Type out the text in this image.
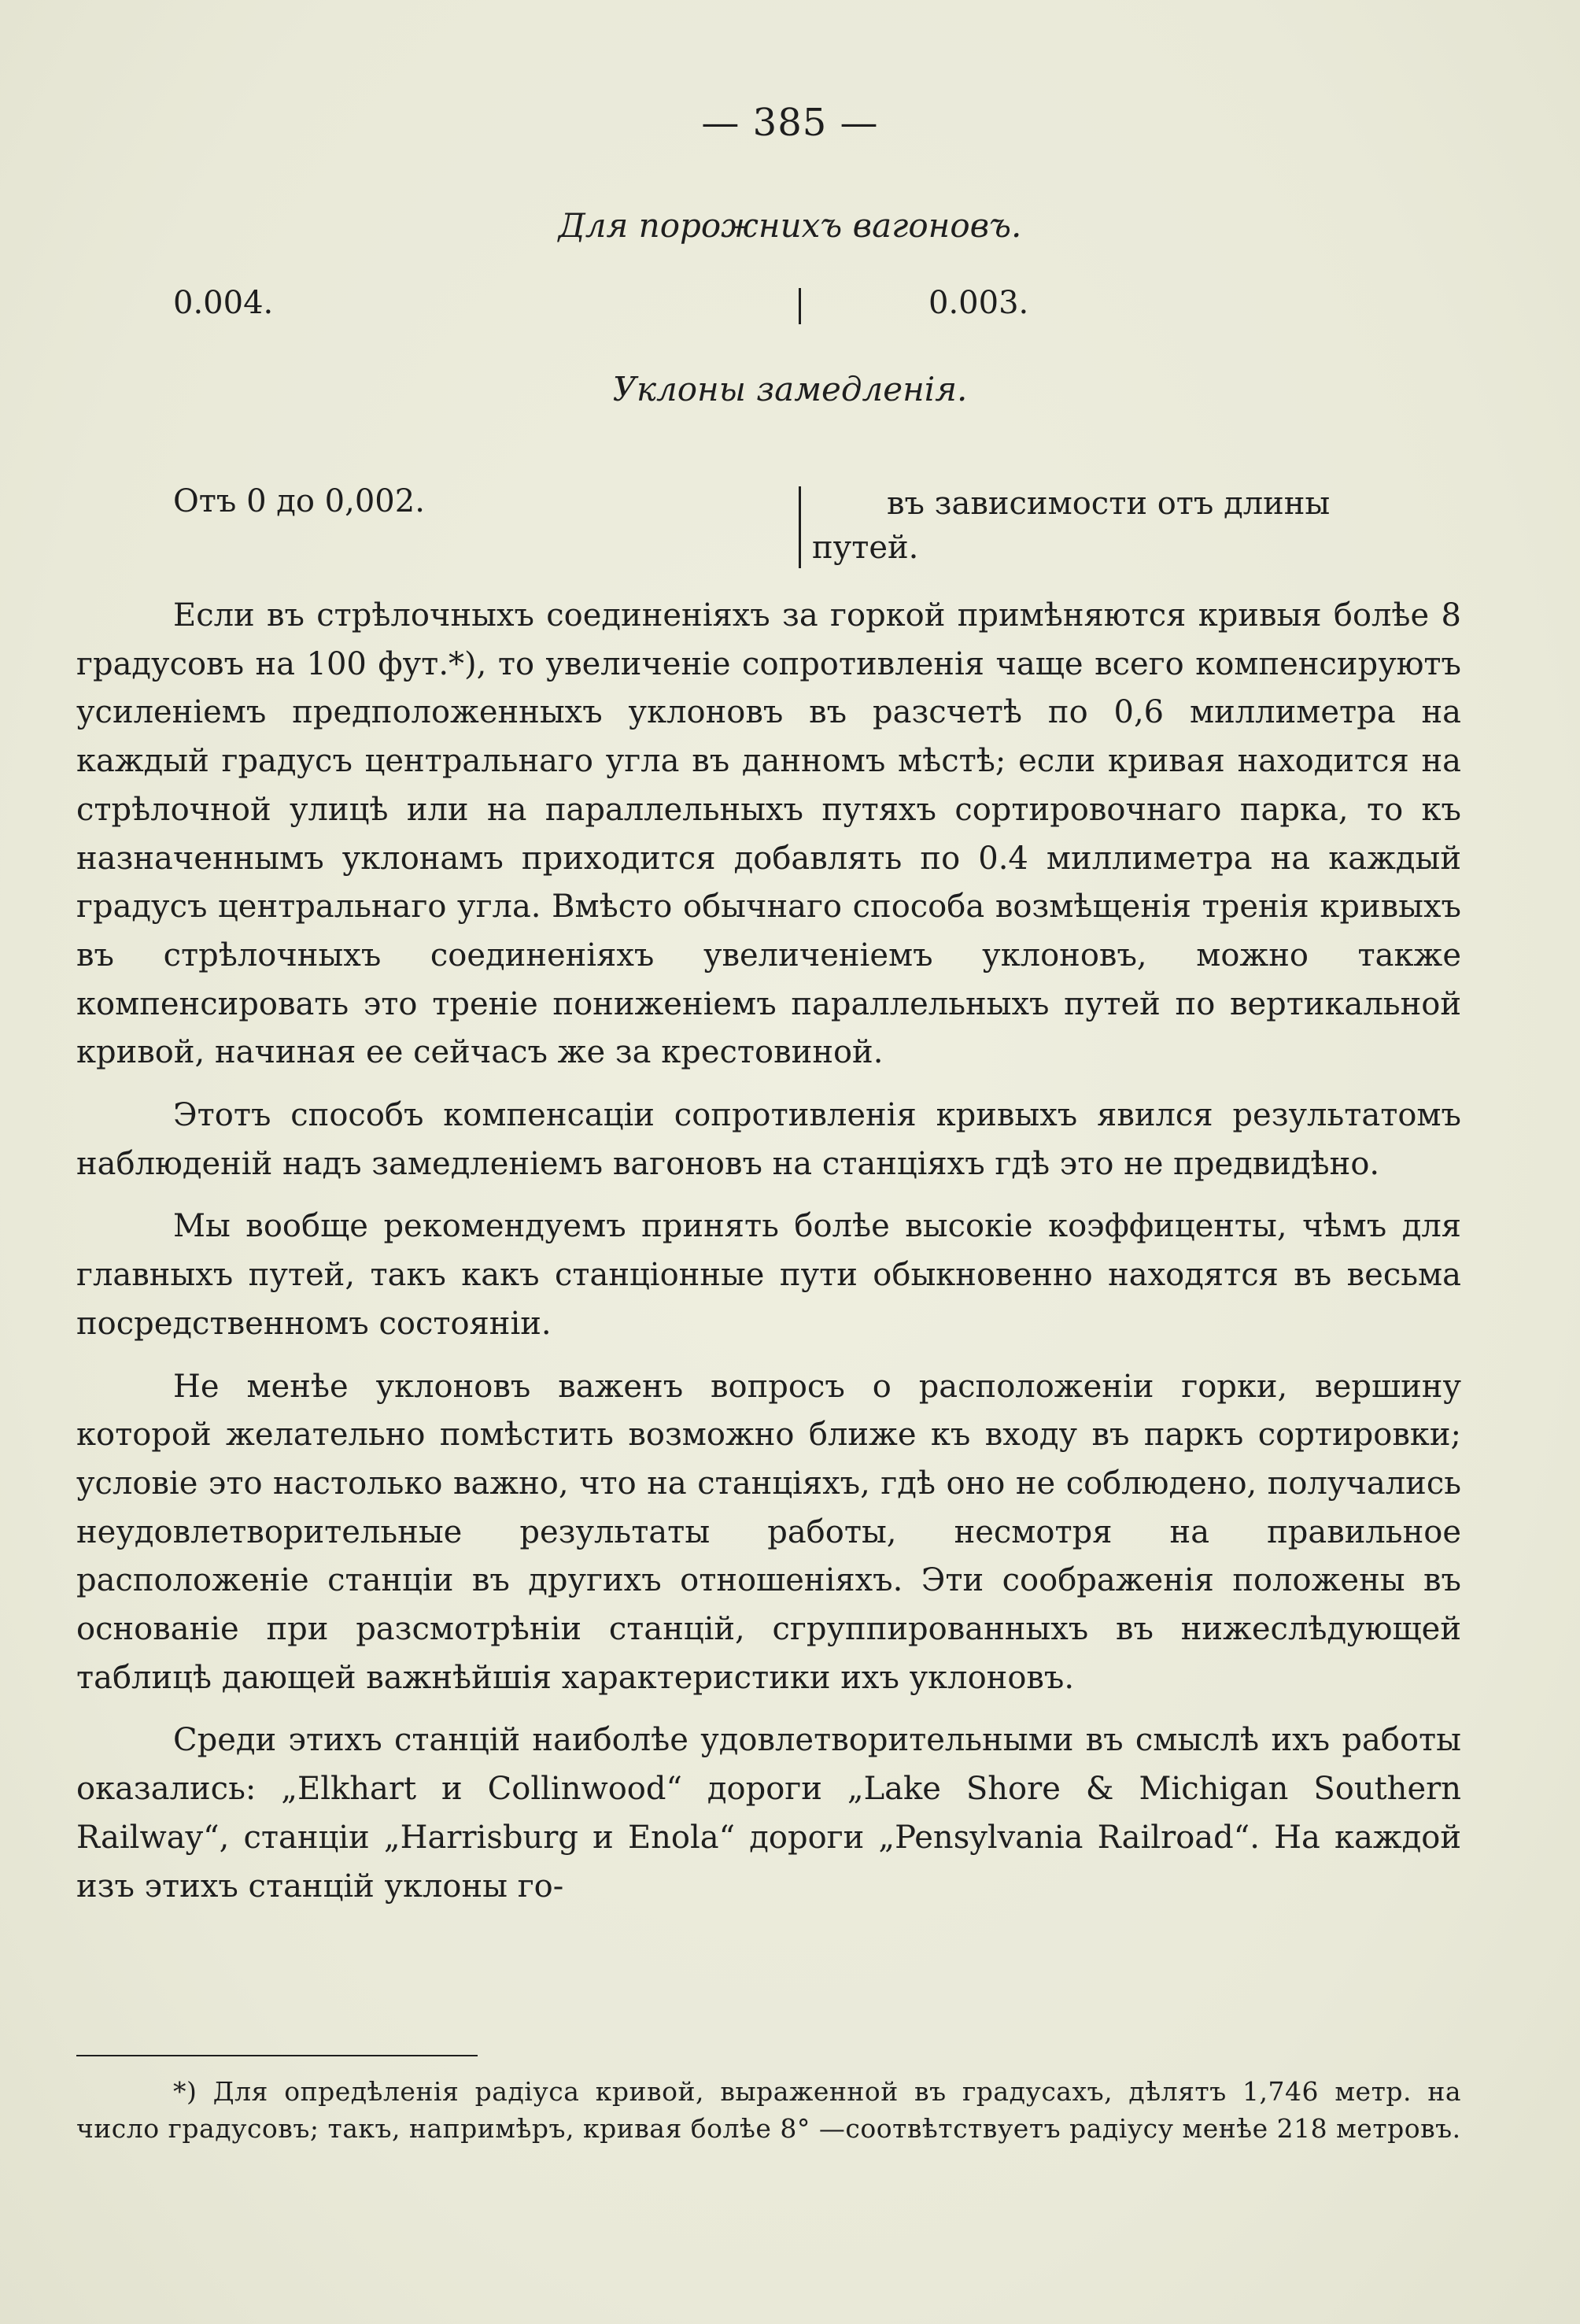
— 385 —
Для порожнихъ вагоновъ.
0.004.	0.003.
Уклоны замедленія.
Отъ 0 до 0,002.	въ зависимости отъ длины
путей.

Если въ стрѣлочныхъ соединеніяхъ за горкой примѣняются кривыя болѣе 8 градусовъ на 100 фут.*), то увеличеніе сопротивленія чаще всего компенсируютъ усиленіемъ предположенныхъ уклоновъ въ разсчетѣ по 0,6 миллиметра на каждый градусъ центральнаго угла въ данномъ мѣстѣ; если кривая находится на стрѣлочной улицѣ или на параллельныхъ путяхъ сортировочнаго парка, то къ назначеннымъ уклонамъ приходится добавлять по 0.4 миллиметра на каждый градусъ центральнаго угла. Вмѣсто обычнаго способа возмѣщенія тренія кривыхъ въ стрѣлочныхъ соединеніяхъ увеличеніемъ уклоновъ, можно также компенсировать это треніе пониженіемъ параллельныхъ путей по вертикальной кривой, начиная ее сейчасъ же за крестовиной.

Этотъ способъ компенсаціи сопротивленія кривыхъ явился результатомъ наблюденій надъ замедленіемъ вагоновъ на станціяхъ гдѣ это не предвидѣно.

Мы вообще рекомендуемъ принять болѣе высокіе коэффиценты, чѣмъ для главныхъ путей, такъ какъ станціонные пути обыкновенно находятся въ весьма посредственномъ состояніи.

Не менѣе уклоновъ важенъ вопросъ о расположеніи горки, вершину которой желательно помѣстить возможно ближе къ входу въ паркъ сортировки; условіе это настолько важно, что на станціяхъ, гдѣ оно не соблюдено, получались неудовлетворительные результаты работы, несмотря на правильное расположеніе станціи въ другихъ отношеніяхъ. Эти соображенія положены въ основаніе при разсмотрѣніи станцій, сгруппированныхъ въ нижеслѣдующей таблицѣ дающей важнѣйшія характеристики ихъ уклоновъ.

Среди этихъ станцій наиболѣе удовлетворительными въ смыслѣ ихъ работы оказались: „Elkhart и Collinwood“ дороги „Lake Shore & Michigan Southern Railway“, станціи „Harrisburg и Enola“ дороги „Pensylvania Railroad“. На каждой изъ этихъ станцій уклоны го-

*) Для опредѣленія радіуса кривой, выраженной въ градусахъ, дѣлятъ 1,746 метр. на число градусовъ; такъ, напримѣръ, кривая болѣе 8° —соотвѣтствуетъ радіусу менѣе 218 метровъ.
